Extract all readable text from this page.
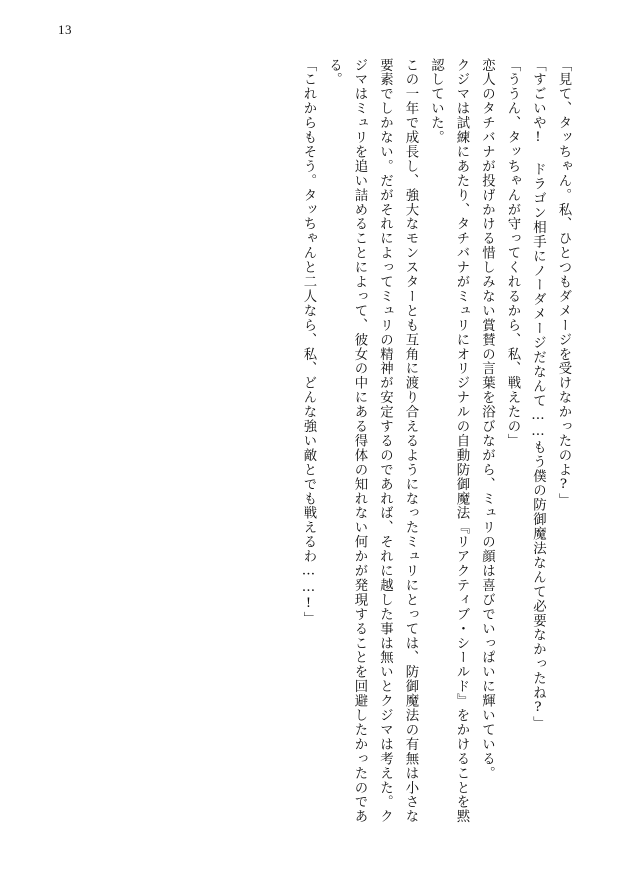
13

「見て、タッちゃん。私、ひとつもダメージを受けなかったのよ?」

「すごいや! ドラゴン相手にノーダメージだなんて……もう僕の防御魔法なんて必要なかったね?」

「ううん、タッちゃんが守ってくれるから、私、戦えたの」

恋人のタチバナが投げかける惜しみない賞賛の言葉を浴びながら、ミュリの顔は喜びでいっぱいに輝いている。

クジマは試練にあたり、タチバナがミュリにオリジナルの自動防御魔法『リアクティブ・シールド』をかけることを黙認していた。

この一年で成長し、強大なモンスターとも互角に渡り合えるようになったミュリにとっては、防御魔法の有無は小さな要素でしかない。だがそれによってミュリの精神が安定するのであれば、それに越した事は無いとクジマは考えた。クジマはミュリを追い詰めることによって、彼女の中にある得体の知れない何かが発現することを回避したかったのである。

「これからもそう。タッちゃんと二人なら、私、どんな強い敵とでも戦えるわ……!」
